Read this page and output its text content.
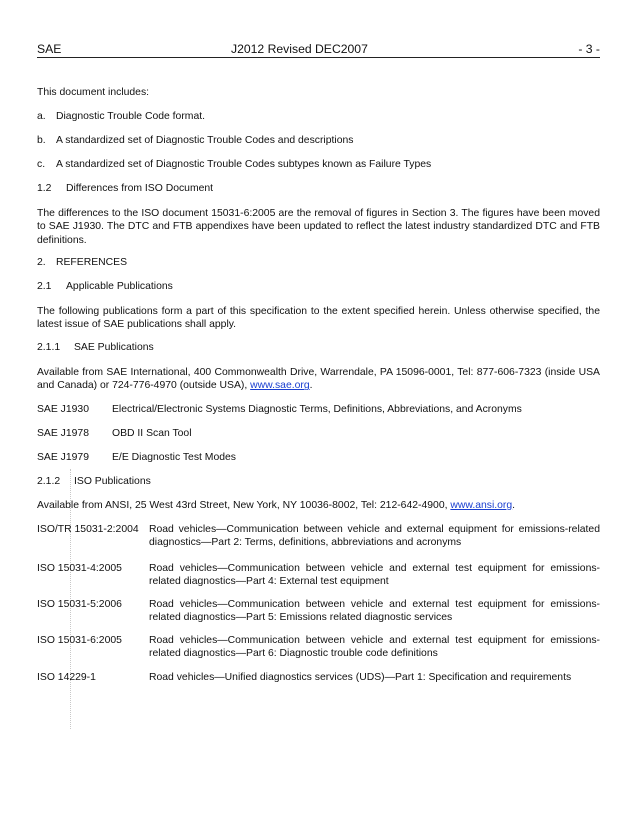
SAE	J2012 Revised DEC2007	- 3 -

This document includes:

a. Diagnostic Trouble Code format.

b. A standardized set of Diagnostic Trouble Codes and descriptions

c. A standardized set of Diagnostic Trouble Codes subtypes known as Failure Types

1.2 Differences from ISO Document

The differences to the ISO document 15031-6:2005 are the removal of figures in Section 3. The figures have been moved to SAE J1930. The DTC and FTB appendixes have been updated to reflect the latest industry standardized DTC and FTB definitions.

2. REFERENCES

2.1 Applicable Publications

The following publications form a part of this specification to the extent specified herein. Unless otherwise specified, the latest issue of SAE publications shall apply.

2.1.1 SAE Publications

Available from SAE International, 400 Commonwealth Drive, Warrendale, PA 15096-0001, Tel: 877-606-7323 (inside USA and Canada) or 724-776-4970 (outside USA), www.sae.org.

SAE J1930 Electrical/Electronic Systems Diagnostic Terms, Definitions, Abbreviations, and Acronyms
SAE J1978 OBD II Scan Tool
SAE J1979 E/E Diagnostic Test Modes

2.1.2 ISO Publications

Available from ANSI, 25 West 43rd Street, New York, NY 10036-8002, Tel: 212-642-4900, www.ansi.org.

ISO/TR 15031-2:2004 Road vehicles—Communication between vehicle and external equipment for emissions-related diagnostics—Part 2: Terms, definitions, abbreviations and acronyms
ISO 15031-4:2005	Road vehicles—Communication between vehicle and external test equipment for emissions-related diagnostics—Part 4: External test equipment
ISO 15031-5:2006	Road vehicles—Communication between vehicle and external test equipment for emissions-related diagnostics—Part 5: Emissions related diagnostic services
ISO 15031-6:2005	Road vehicles—Communication between vehicle and external test equipment for emissions-related diagnostics—Part 6: Diagnostic trouble code definitions
ISO 14229-1	Road vehicles—Unified diagnostics services (UDS)—Part 1: Specification and requirements
